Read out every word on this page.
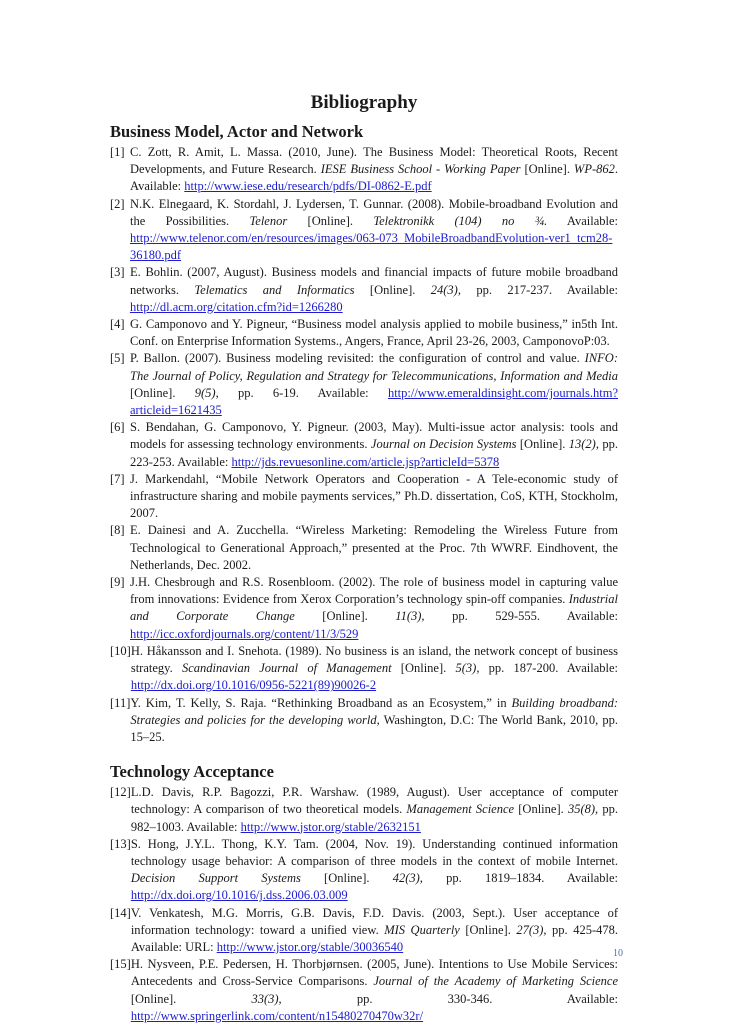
Bibliography
Business Model, Actor and Network
[1] C. Zott, R. Amit, L. Massa. (2010, June). The Business Model: Theoretical Roots, Recent Developments, and Future Research. IESE Business School - Working Paper [Online]. WP-862. Available: http://www.iese.edu/research/pdfs/DI-0862-E.pdf
[2] N.K. Elnegaard, K. Stordahl, J. Lydersen, T. Gunnar. (2008). Mobile-broadband Evolution and the Possibilities. Telenor [Online]. Telektronikk (104) no ¾. Available: http://www.telenor.com/en/resources/images/063-073_MobileBroadbandEvolution-ver1_tcm28-36180.pdf
[3] E. Bohlin. (2007, August). Business models and financial impacts of future mobile broadband networks. Telematics and Informatics [Online]. 24(3), pp. 217-237. Available: http://dl.acm.org/citation.cfm?id=1266280
[4] G. Camponovo and Y. Pigneur, “Business model analysis applied to mobile business,” in5th Int. Conf. on Enterprise Information Systems., Angers, France, April 23-26, 2003, CamponovoP:03.
[5] P. Ballon. (2007). Business modeling revisited: the configuration of control and value. INFO: The Journal of Policy, Regulation and Strategy for Telecommunications, Information and Media [Online]. 9(5), pp. 6-19. Available: http://www.emeraldinsight.com/journals.htm?articleid=1621435
[6] S. Bendahan, G. Camponovo, Y. Pigneur. (2003, May). Multi-issue actor analysis: tools and models for assessing technology environments. Journal on Decision Systems [Online]. 13(2), pp. 223-253. Available: http://jds.revuesonline.com/article.jsp?articleId=5378
[7] J. Markendahl, “Mobile Network Operators and Cooperation - A Tele-economic study of infrastructure sharing and mobile payments services,” Ph.D. dissertation, CoS, KTH, Stockholm, 2007.
[8] E. Dainesi and A. Zucchella. “Wireless Marketing: Remodeling the Wireless Future from Technological to Generational Approach,” presented at the Proc. 7th WWRF. Eindhovent, the Netherlands, Dec. 2002.
[9] J.H. Chesbrough and R.S. Rosenbloom. (2002). The role of business model in capturing value from innovations: Evidence from Xerox Corporation’s technology spin-off companies. Industrial and Corporate Change [Online]. 11(3), pp. 529-555. Available: http://icc.oxfordjournals.org/content/11/3/529
[10] H. Håkansson and I. Snehota. (1989). No business is an island, the network concept of business strategy. Scandinavian Journal of Management [Online]. 5(3), pp. 187-200. Available: http://dx.doi.org/10.1016/0956-5221(89)90026-2
[11] Y. Kim, T. Kelly, S. Raja. “Rethinking Broadband as an Ecosystem,” in Building broadband: Strategies and policies for the developing world, Washington, D.C: The World Bank, 2010, pp. 15–25.
Technology Acceptance
[12] L.D. Davis, R.P. Bagozzi, P.R. Warshaw. (1989, August). User acceptance of computer technology: A comparison of two theoretical models. Management Science [Online]. 35(8), pp. 982–1003. Available: http://www.jstor.org/stable/2632151
[13] S. Hong, J.Y.L. Thong, K.Y. Tam. (2004, Nov. 19). Understanding continued information technology usage behavior: A comparison of three models in the context of mobile Internet. Decision Support Systems [Online]. 42(3), pp. 1819–1834. Available: http://dx.doi.org/10.1016/j.dss.2006.03.009
[14] V. Venkatesh, M.G. Morris, G.B. Davis, F.D. Davis. (2003, Sept.). User acceptance of information technology: toward a unified view. MIS Quarterly [Online]. 27(3), pp. 425-478. Available: URL: http://www.jstor.org/stable/30036540
[15] H. Nysveen, P.E. Pedersen, H. Thorbjørnsen. (2005, June). Intentions to Use Mobile Services: Antecedents and Cross-Service Comparisons. Journal of the Academy of Marketing Science [Online]. 33(3), pp. 330-346. Available: http://www.springerlink.com/content/n15480270470w32r/
10
